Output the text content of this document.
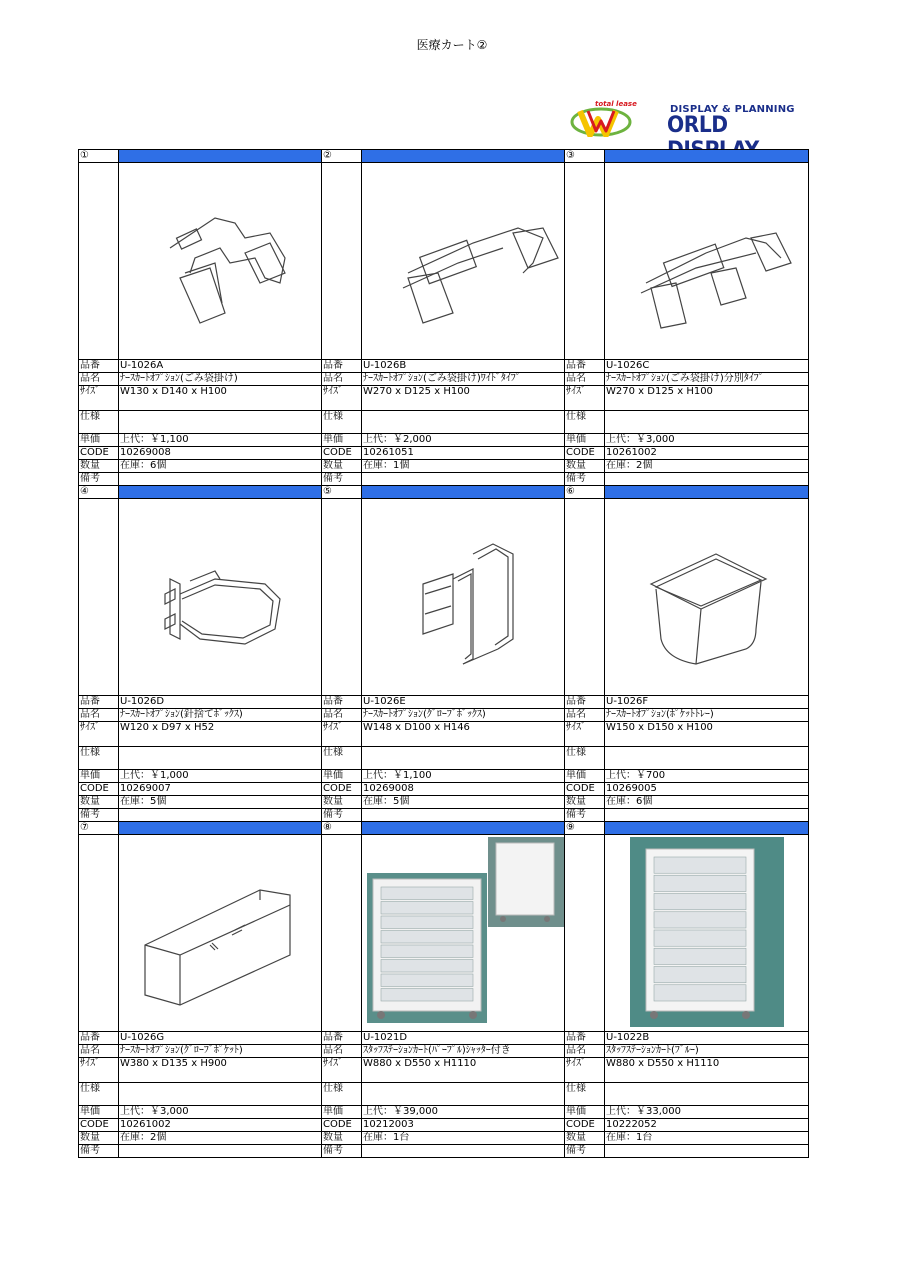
医療カート②
total lease	DISPLAY & PLANNING
ORLD
①		②		③	

品番	U-1026A	品番	U-1026B	品番	U-1026C
品名	ﾅｰｽｶｰﾄｵﾌﾟｼｮﾝ(ごみ袋掛け)	品名	ﾅｰｽｶｰﾄｵﾌﾟｼｮﾝ(ごみ袋掛け)ﾜｲﾄﾞﾀｲﾌﾟ	品名	ﾅｰｽｶｰﾄｵﾌﾟｼｮﾝ(ごみ袋掛け)分別ﾀｲﾌﾟ
ｻｲｽﾞ	W130 x D140 x H100	ｻｲｽﾞ	W270 x D125 x H100	ｻｲｽﾞ	W270 x D125 x H100
仕様		仕様		仕様	
単価	上代：￥1,100	単価	上代：￥2,000	単価	上代：￥3,000
CODE	10269008	CODE	10261051	CODE	10261002
数量	在庫：6個	数量	在庫：1個	数量	在庫：2個
備考		備考		備考	
④		⑤		⑥	

品番	U-1026D	品番	U-1026E	品番	U-1026F
品名	ﾅｰｽｶｰﾄｵﾌﾟｼｮﾝ(針捨てﾎﾞｯｸｽ)	品名	ﾅｰｽｶｰﾄｵﾌﾟｼｮﾝ(ｸﾞﾛｰﾌﾞﾎﾞｯｸｽ)	品名	ﾅｰｽｶｰﾄｵﾌﾟｼｮﾝ(ﾎﾟｹｯﾄﾄﾚｰ)
ｻｲｽﾞ	W120 x D97 x H52	ｻｲｽﾞ	W148 x D100 x H146	ｻｲｽﾞ	W150 x D150 x H100
仕様		仕様		仕様	
単価	上代：￥1,000	単価	上代：￥1,100	単価	上代：￥700
CODE	10269007	CODE	10269008	CODE	10269005
数量	在庫：5個	数量	在庫：5個	数量	在庫：6個
備考		備考		備考	
⑦		⑧		⑨	

品番	U-1026G	品番	U-1021D	品番	U-1022B
品名	ﾅｰｽｶｰﾄｵﾌﾟｼｮﾝ(ｸﾞﾛｰﾌﾞﾎﾟｹｯﾄ)	品名	ｽﾀｯﾌｽﾃｰｼｮﾝｶｰﾄ(ﾊﾟｰﾌﾟﾙ)ｼｬｯﾀｰ付き	品名	ｽﾀｯﾌｽﾃｰｼｮﾝｶｰﾄ(ﾌﾞﾙｰ)
ｻｲｽﾞ	W380 x D135 x H900	ｻｲｽﾞ	W880 x D550 x H1110	ｻｲｽﾞ	W880 x D550 x H1110
仕様		仕様		仕様	
単価	上代：￥3,000	単価	上代：￥39,000	単価	上代：￥33,000
CODE	10261002	CODE	10212003	CODE	10222052
数量	在庫：2個	数量	在庫：1台	数量	在庫：1台
備考		備考		備考	
